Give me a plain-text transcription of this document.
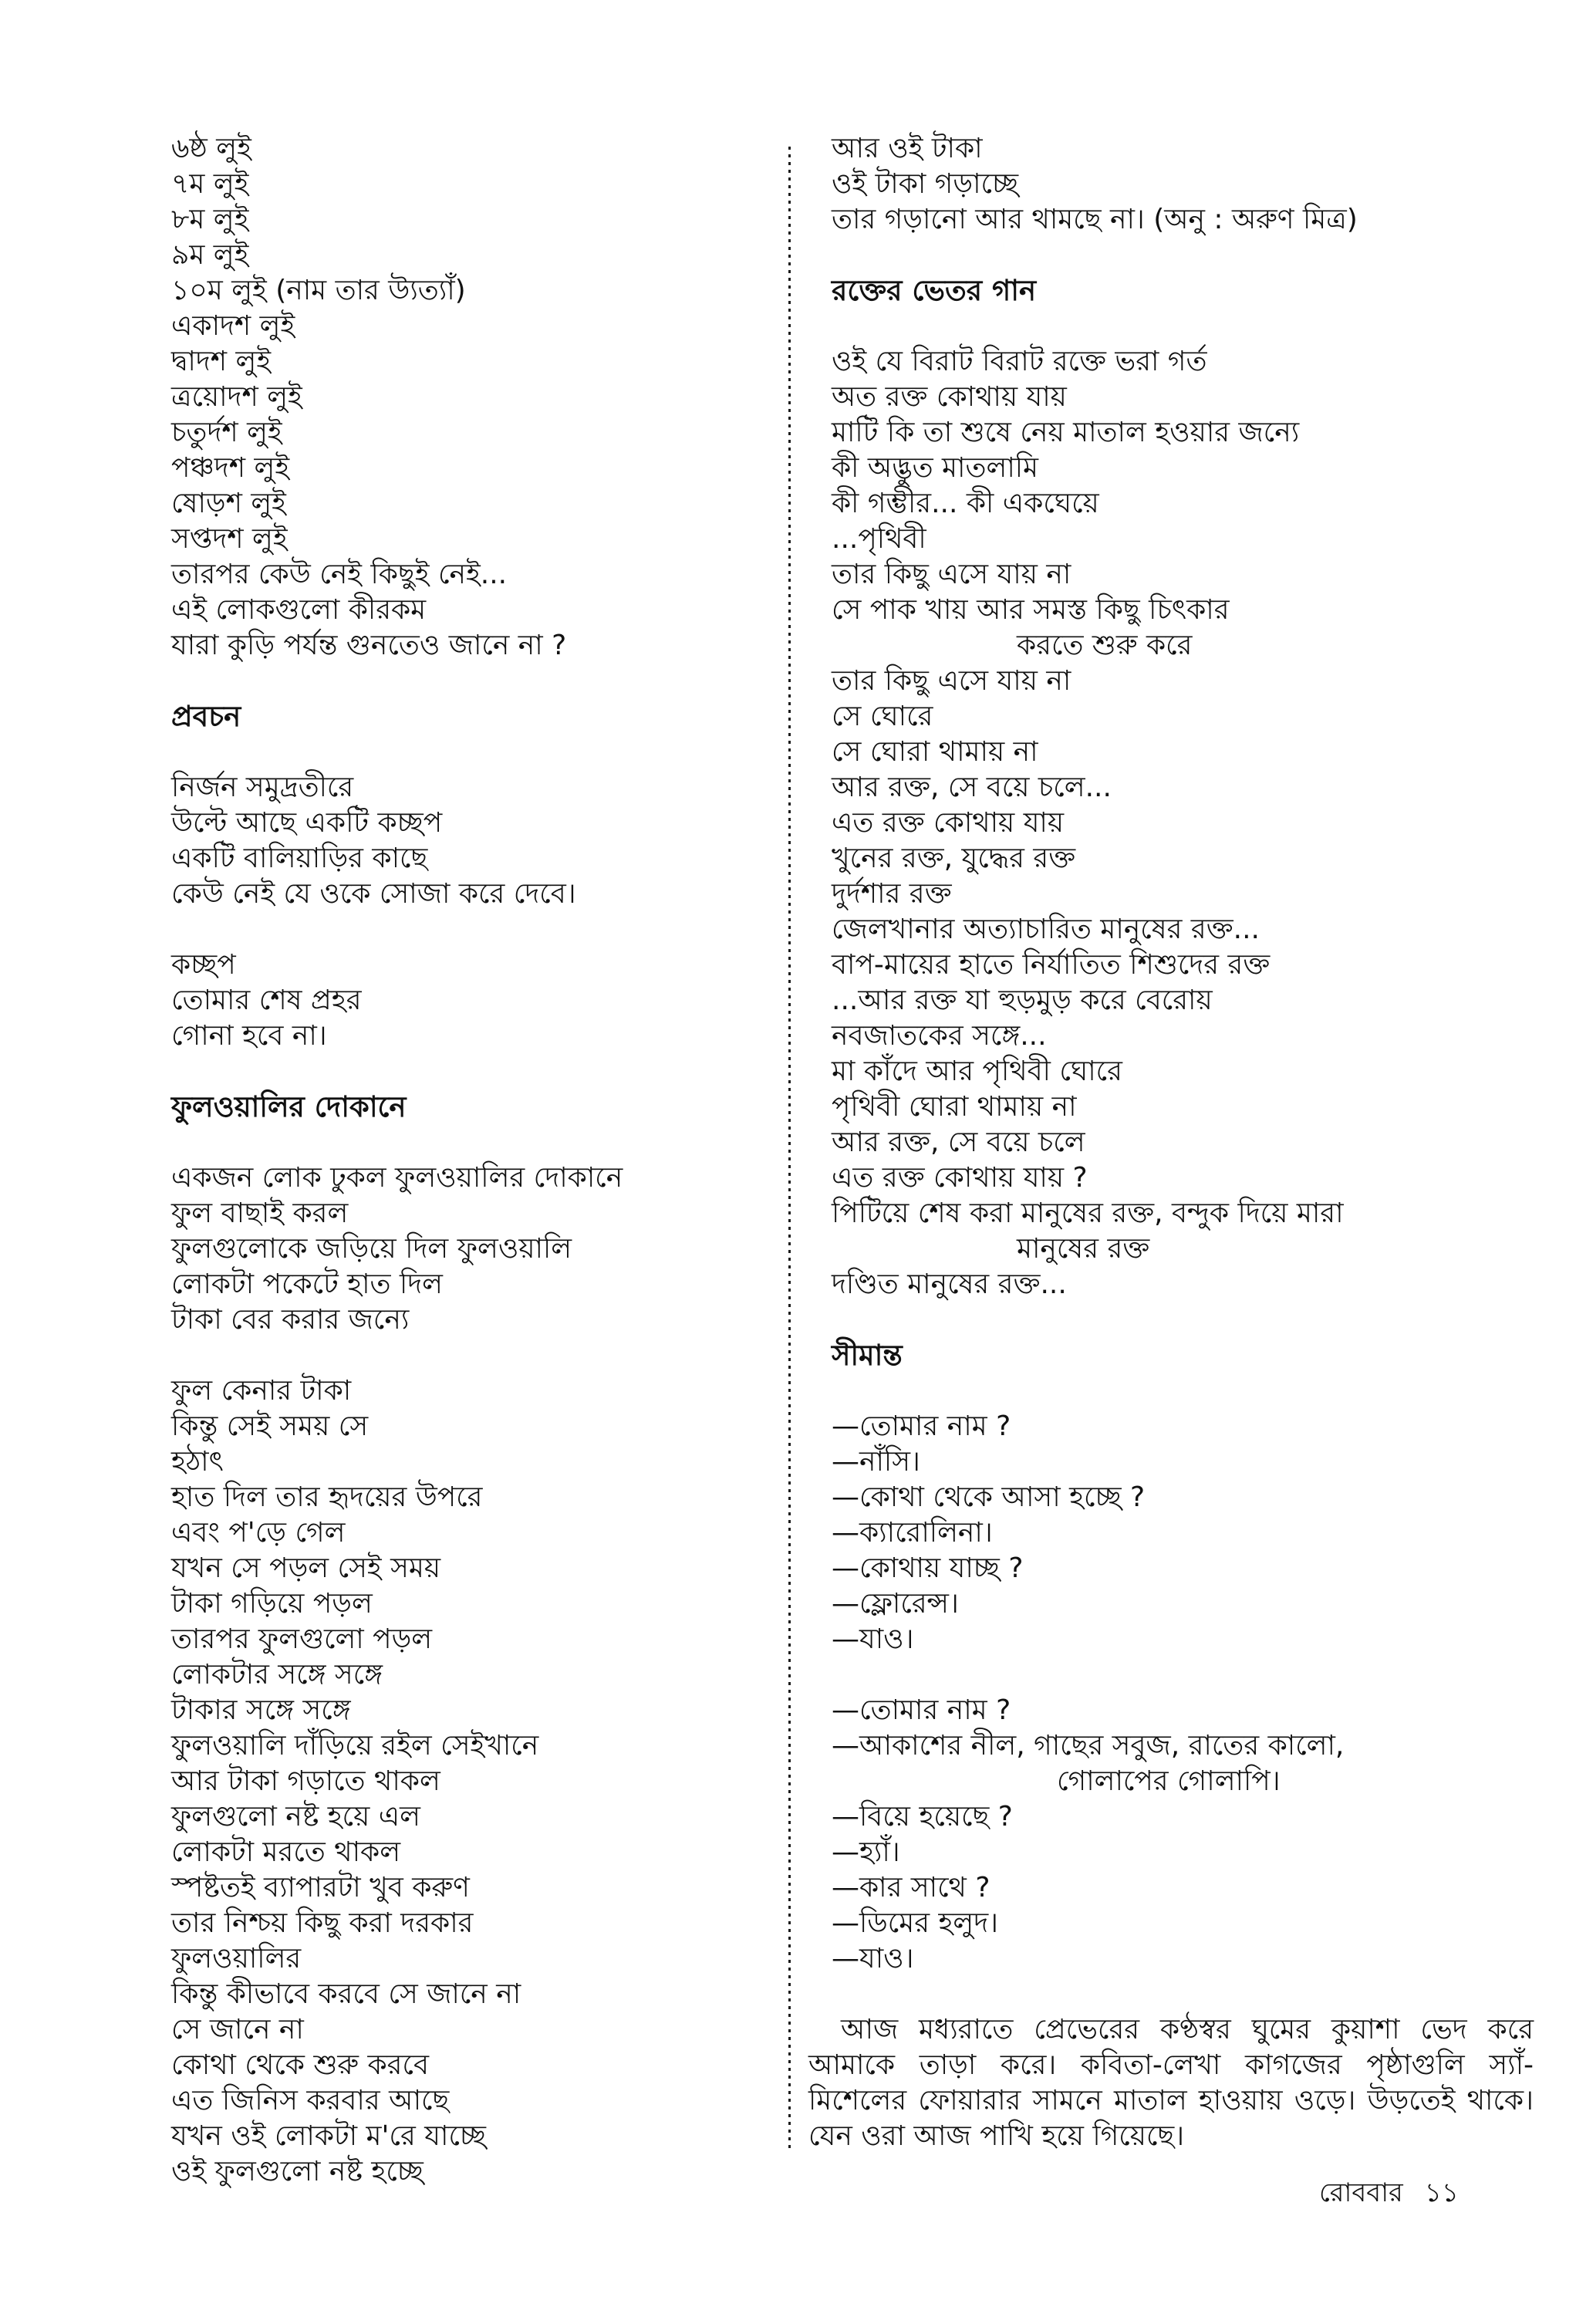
৬ষ্ঠ লুই
৭ম লুই
৮ম লুই
৯ম লুই
১০ম লুই (নাম তার উ্যত্যাঁ)
একাদশ লুই
দ্বাদশ লুই
ত্রয়োদশ লুই
চতুর্দশ লুই
পঞ্চদশ লুই
ষোড়শ লুই
সপ্তদশ লুই
তারপর কেউ নেই কিছুই নেই...
এই লোকগুলো কীরকম
যারা কুড়ি পর্যন্ত গুনতেও জানে না ?
প্রবচন
নির্জন সমুদ্রতীরে
উল্টে আছে একটি কচ্ছপ
একটি বালিয়াড়ির কাছে
কেউ নেই যে ওকে সোজা করে দেবে।
কচ্ছপ
তোমার শেষ প্রহর
গোনা হবে না।
ফুলওয়ালির দোকানে
একজন লোক ঢুকল ফুলওয়ালির দোকানে
ফুল বাছাই করল
ফুলগুলোকে জড়িয়ে দিল ফুলওয়ালি
লোকটা পকেটে হাত দিল
টাকা বের করার জন্যে
ফুল কেনার টাকা
কিন্তু সেই সময় সে
হঠাৎ
হাত দিল তার হৃদয়ের উপরে
এবং প'ড়ে গেল
যখন সে পড়ল সেই সময়
টাকা গড়িয়ে পড়ল
তারপর ফুলগুলো পড়ল
লোকটার সঙ্গে সঙ্গে
টাকার সঙ্গে সঙ্গে
ফুলওয়ালি দাঁড়িয়ে রইল সেইখানে
আর টাকা গড়াতে থাকল
ফুলগুলো নষ্ট হয়ে এল
লোকটা মরতে থাকল
স্পষ্টতই ব্যাপারটা খুব করুণ
তার নিশ্চয় কিছু করা দরকার
ফুলওয়ালির
কিন্তু কীভাবে করবে সে জানে না
সে জানে না
কোথা থেকে শুরু করবে
এত জিনিস করবার আছে
যখন ওই লোকটা ম'রে যাচ্ছে
ওই ফুলগুলো নষ্ট হচ্ছে
আর ওই টাকা
ওই টাকা গড়াচ্ছে
তার গড়ানো আর থামছে না। (অনু : অরুণ মিত্র)
রক্তের ভেতর গান
ওই যে বিরাট বিরাট রক্তে ভরা গর্ত
অত রক্ত কোথায় যায়
মাটি কি তা শুষে নেয় মাতাল হওয়ার জন্যে
কী অদ্ভুত মাতলামি
কী গম্ভীর... কী একঘেয়ে
...পৃথিবী
তার কিছু এসে যায় না
সে পাক খায় আর সমস্ত কিছু চিৎকার
করতে শুরু করে
তার কিছু এসে যায় না
সে ঘোরে
সে ঘোরা থামায় না
আর রক্ত, সে বয়ে চলে...
এত রক্ত কোথায় যায়
খুনের রক্ত, যুদ্ধের রক্ত
দুর্দশার রক্ত
জেলখানার অত্যাচারিত মানুষের রক্ত...
বাপ-মায়ের হাতে নির্যাতিত শিশুদের রক্ত
...আর রক্ত যা হুড়মুড় করে বেরোয়
নবজাতকের সঙ্গে...
মা কাঁদে আর পৃথিবী ঘোরে
পৃথিবী ঘোরা থামায় না
আর রক্ত, সে বয়ে চলে
এত রক্ত কোথায় যায় ?
পিটিয়ে শেষ করা মানুষের রক্ত, বন্দুক দিয়ে মারা
মানুষের রক্ত
দণ্ডিত মানুষের রক্ত...
সীমান্ত
—তোমার নাম ?
—নাঁসি।
—কোথা থেকে আসা হচ্ছে ?
—ক্যারোলিনা।
—কোথায় যাচ্ছ ?
—ফ্লোরেন্স।
—যাও।
—তোমার নাম ?
—আকাশের নীল, গাছের সবুজ, রাতের কালো,
গোলাপের গোলাপি।
—বিয়ে হয়েছে ?
—হ্যাঁ।
—কার সাথে ?
—ডিমের হলুদ।
—যাও।
আজ মধ্যরাতে প্রেভেরের কণ্ঠস্বর ঘুমের কুয়াশা ভেদ করে আমাকে তাড়া করে। কবিতা-লেখা কাগজের পৃষ্ঠাগুলি স্যাঁ-মিশেলের ফোয়ারার সামনে মাতাল হাওয়ায় ওড়ে। উড়তেই থাকে। যেন ওরা আজ পাখি হয়ে গিয়েছে।
রোববার ১১
